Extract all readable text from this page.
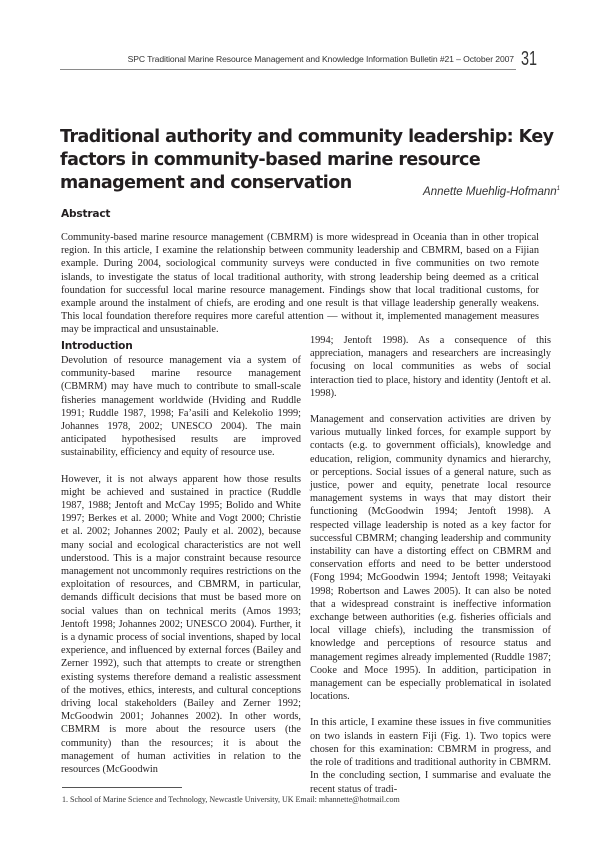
SPC Traditional Marine Resource Management and Knowledge Information Bulletin #21 – October 2007 31
Traditional authority and community leadership: Key factors in community-based marine resource management and conservation	Annette Muehlig-Hofmann$^1$
Abstract

Community-based marine resource management (CBMRM) is more widespread in Oceania than in other tropical region. In this article, I examine the relationship between community leadership and CBMRM, based on a Fijian example. During 2004, sociological community surveys were conducted in five communities on two remote islands, to investigate the status of local traditional authority, with strong leadership being deemed as a critical foundation for successful local marine resource management. Findings show that local traditional customs, for example around the instalment of chiefs, are eroding and one result is that village leadership generally weakens. This local foundation therefore requires more careful attention — without it, implemented management measures may be impractical and unsustainable.

Introduction

Devolution of resource management via a system of community-based marine resource management (CBMRM) may have much to contribute to small-scale fisheries management worldwide (Hviding and Ruddle 1991; Ruddle 1987, 1998; Fa’asili and Kelekolio 1999; Johannes 1978, 2002; UNESCO 2004). The main anticipated hypothesised results are improved sustainability, efficiency and equity of resource use.

However, it is not always apparent how those results might be achieved and sustained in practice (Ruddle 1987, 1988; Jentoft and McCay 1995; Bolido and White 1997; Berkes et al. 2000; White and Vogt 2000; Christie et al. 2002; Johannes 2002; Pauly et al. 2002), because many social and ecological characteristics are not well understood. This is a major constraint because resource management not uncommonly requires restrictions on the exploitation of resources, and CBMRM, in particular, demands difficult decisions that must be based more on social values than on technical merits (Amos 1993; Jentoft 1998; Johannes 2002; UNESCO 2004). Further, it is a dynamic process of social inventions, shaped by local experience, and influenced by external forces (Bailey and Zerner 1992), such that attempts to create or strengthen existing systems therefore demand a realistic assessment of the motives, ethics, interests, and cultural conceptions driving local stakeholders (Bailey and Zerner 1992; McGoodwin 2001; Johannes 2002). In other words, CBMRM is more about the resource users (the community) than the resources; it is about the management of human activities in relation to the resources (McGoodwin

1994; Jentoft 1998). As a consequence of this appreciation, managers and researchers are increasingly focusing on local communities as webs of social interaction tied to place, history and identity (Jentoft et al. 1998).

Management and conservation activities are driven by various mutually linked forces, for example support by contacts (e.g. to government officials), knowledge and education, religion, community dynamics and hierarchy, or perceptions. Social issues of a general nature, such as justice, power and equity, penetrate local resource management systems in ways that may distort their functioning (McGoodwin 1994; Jentoft 1998). A respected village leadership is noted as a key factor for successful CBMRM; changing leadership and community instability can have a distorting effect on CBMRM and conservation efforts and need to be better understood (Fong 1994; McGoodwin 1994; Jentoft 1998; Veitayaki 1998; Robertson and Lawes 2005). It can also be noted that a widespread constraint is ineffective information exchange between authorities (e.g. fisheries officials and local village chiefs), including the transmission of knowledge and perceptions of resource status and management regimes already implemented (Ruddle 1987; Cooke and Moce 1995). In addition, participation in management can be especially problematical in isolated locations.

In this article, I examine these issues in five communities on two islands in eastern Fiji (Fig. 1). Two topics were chosen for this examination: CBMRM in progress, and the role of traditions and traditional authority in CBMRM. In the concluding section, I summarise and evaluate the recent status of tradi-

1. School of Marine Science and Technology, Newcastle University, UK Email: mhannette@hotmail.com
